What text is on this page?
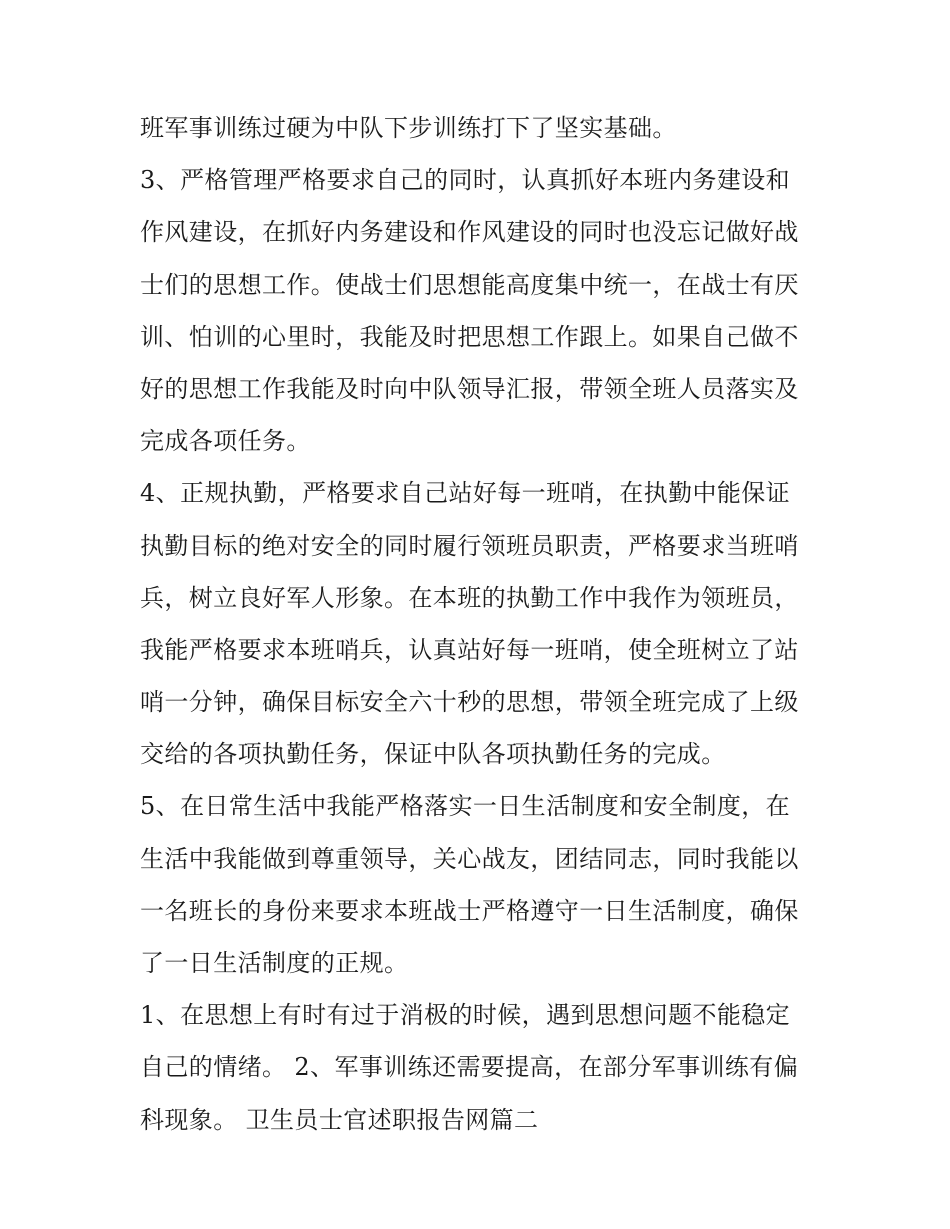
班军事训练过硬为中队下步训练打下了坚实基础。
3、严格管理严格要求自己的同时，认真抓好本班内务建设和
作风建设，在抓好内务建设和作风建设的同时也没忘记做好战
士们的思想工作。使战士们思想能高度集中统一，在战士有厌
训、怕训的心里时，我能及时把思想工作跟上。如果自己做不
好的思想工作我能及时向中队领导汇报，带领全班人员落实及
完成各项任务。
4、正规执勤，严格要求自己站好每一班哨，在执勤中能保证
执勤目标的绝对安全的同时履行领班员职责，严格要求当班哨
兵，树立良好军人形象。在本班的执勤工作中我作为领班员，
我能严格要求本班哨兵，认真站好每一班哨，使全班树立了站
哨一分钟，确保目标安全六十秒的思想，带领全班完成了上级
交给的各项执勤任务，保证中队各项执勤任务的完成。
5、在日常生活中我能严格落实一日生活制度和安全制度，在
生活中我能做到尊重领导，关心战友，团结同志，同时我能以
一名班长的身份来要求本班战士严格遵守一日生活制度，确保
了一日生活制度的正规。
1、在思想上有时有过于消极的时候，遇到思想问题不能稳定
自己的情绪。 2、军事训练还需要提高，在部分军事训练有偏
科现象。 卫生员士官述职报告网篇二
